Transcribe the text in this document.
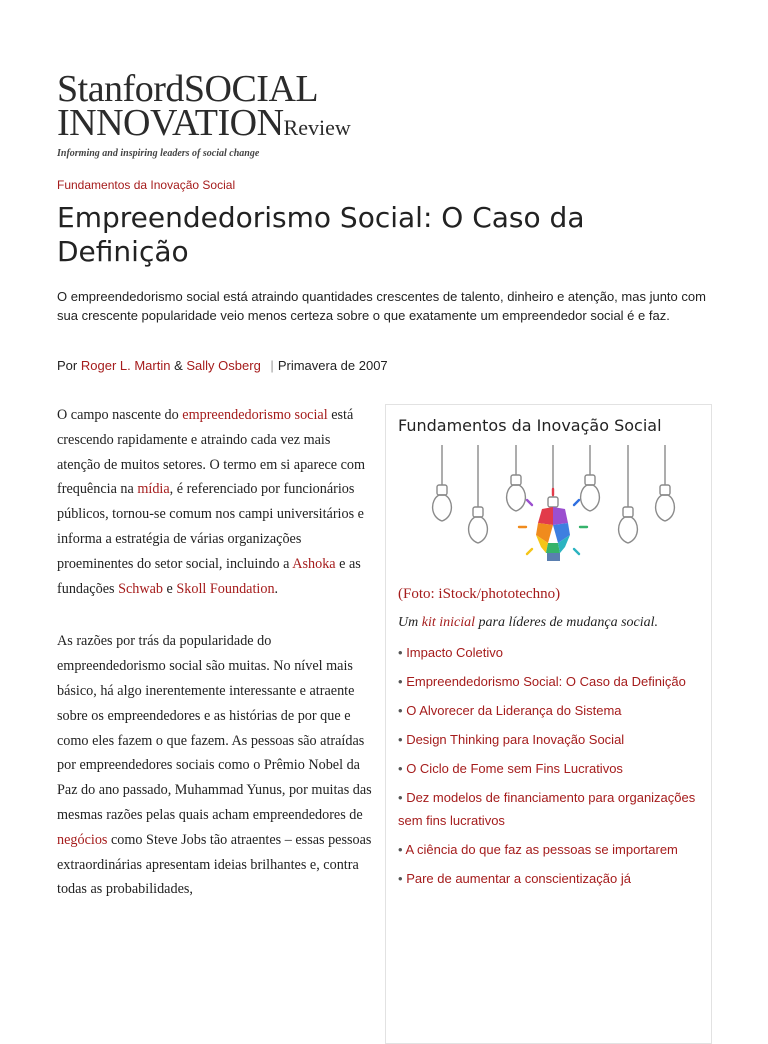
StanfordSOCIAL
INNOVATIONReview
Informing and inspiring leaders of social change
Fundamentos da Inovação Social
Empreendedorismo Social: O Caso da Definição

O empreendedorismo social está atraindo quantidades crescentes de talento, dinheiro e atenção, mas junto com sua crescente popularidade veio menos certeza sobre o que exatamente um empreendedor social é e faz.

Por Roger L. Martin & Sally Osberg | Primavera de 2007

O campo nascente do empreendedorismo social está crescendo rapidamente e atraindo cada vez mais atenção de muitos setores. O termo em si aparece com frequência na mídia, é referenciado por funcionários públicos, tornou-se comum nos campi universitários e informa a estratégia de várias organizações proeminentes do setor social, incluindo a Ashoka e as fundações Schwab e Skoll Foundation.

As razões por trás da popularidade do empreendedorismo social são muitas. No nível mais básico, há algo inerentemente interessante e atraente sobre os empreendedores e as histórias de por que e como eles fazem o que fazem. As pessoas são atraídas por empreendedores sociais como o Prêmio Nobel da Paz do ano passado, Muhammad Yunus, por muitas das mesmas razões pelas quais acham empreendedores de negócios como Steve Jobs tão atraentes – essas pessoas extraordinárias apresentam ideias brilhantes e, contra todas as probabilidades,

Fundamentos da Inovação Social
(Foto: iStock/phototechno)
Um kit inicial para líderes de mudança social.
• Impacto Coletivo
• Empreendedorismo Social: O Caso da Definição
• O Alvorecer da Liderança do Sistema
• Design Thinking para Inovação Social
• O Ciclo de Fome sem Fins Lucrativos
• Dez modelos de financiamento para organizações sem fins lucrativos
• A ciência do que faz as pessoas se importarem
• Pare de aumentar a conscientização já
